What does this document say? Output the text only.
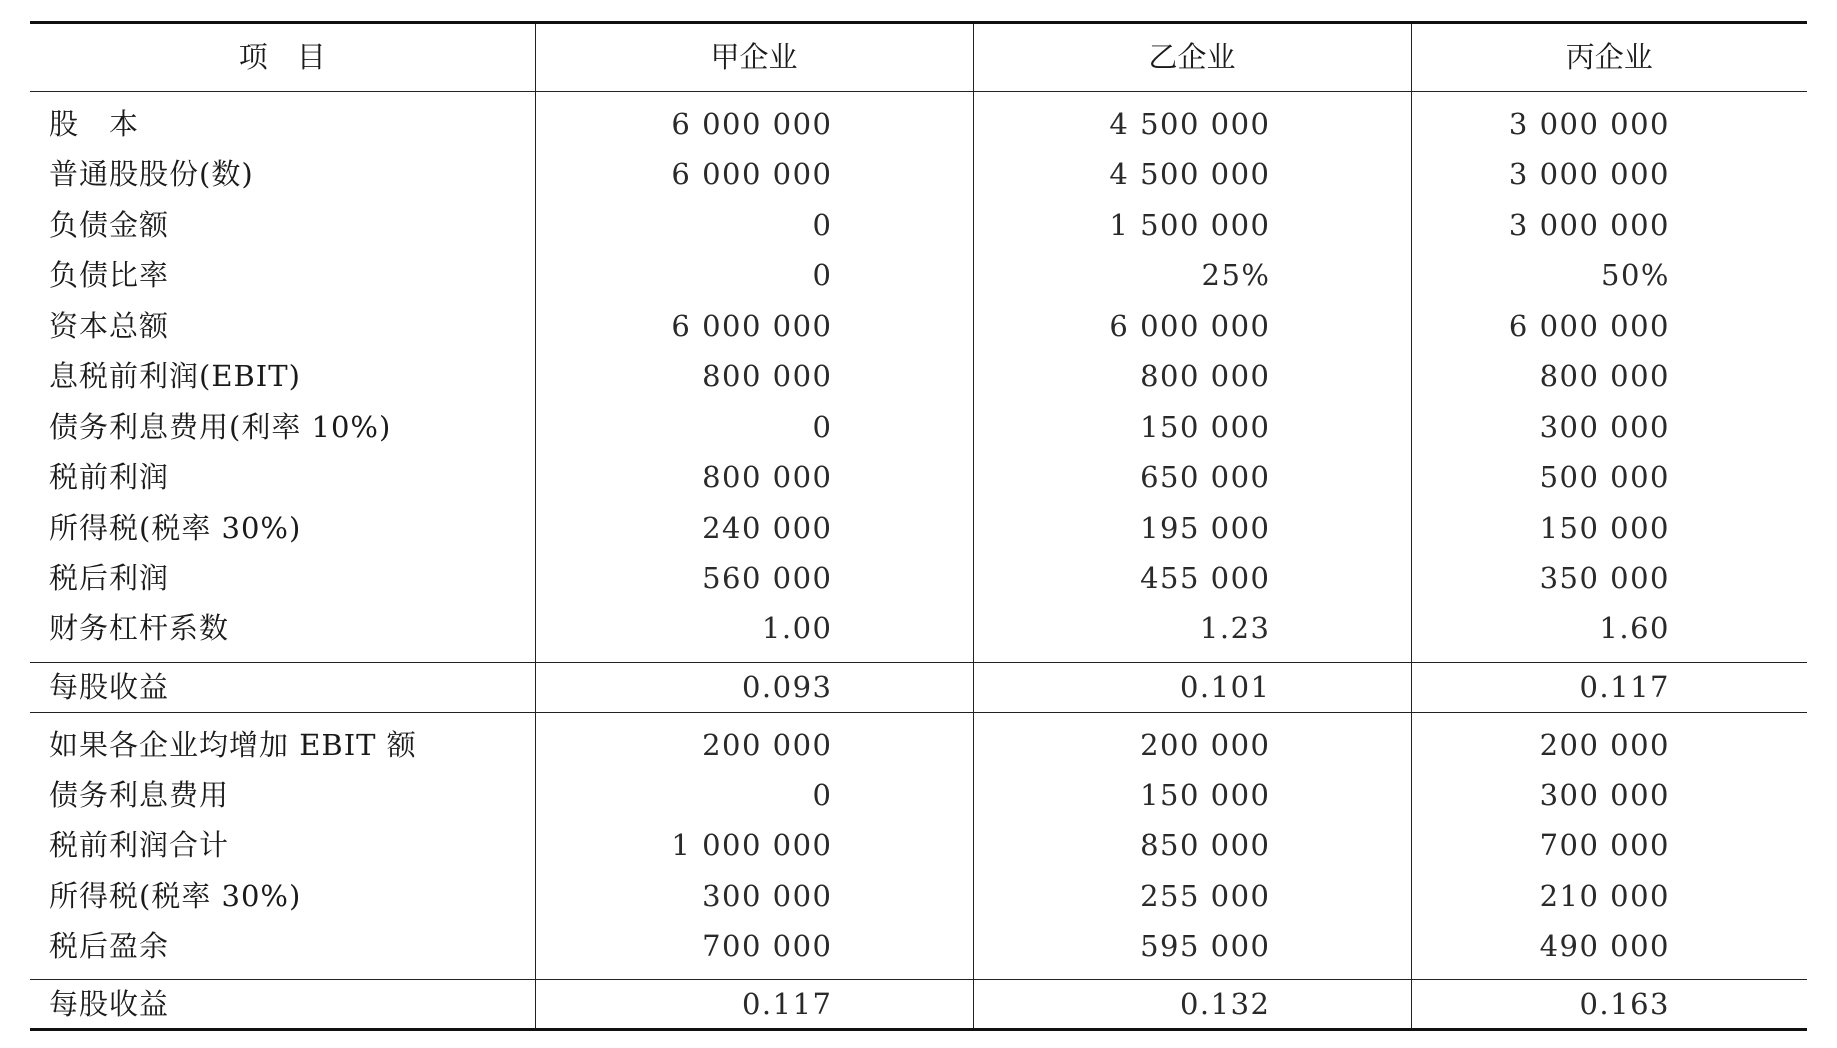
项　目	甲企业	乙企业	丙企业
股　本	6 000 000	4 500 000	3 000 000
普通股股份(数)	6 000 000	4 500 000	3 000 000
负债金额	0	1 500 000	3 000 000
负债比率	0	25%	50%
资本总额	6 000 000	6 000 000	6 000 000
息税前利润(EBIT)	800 000	800 000	800 000
债务利息费用(利率 10%)	0	150 000	300 000
税前利润	800 000	650 000	500 000
所得税(税率 30%)	240 000	195 000	150 000
税后利润	560 000	455 000	350 000
财务杠杆系数	1.00	1.23	1.60
每股收益	0.093	0.101	0.117
如果各企业均增加 EBIT 额	200 000	200 000	200 000
债务利息费用	0	150 000	300 000
税前利润合计	1 000 000	850 000	700 000
所得税(税率 30%)	300 000	255 000	210 000
税后盈余	700 000	595 000	490 000
每股收益	0.117	0.132	0.163
